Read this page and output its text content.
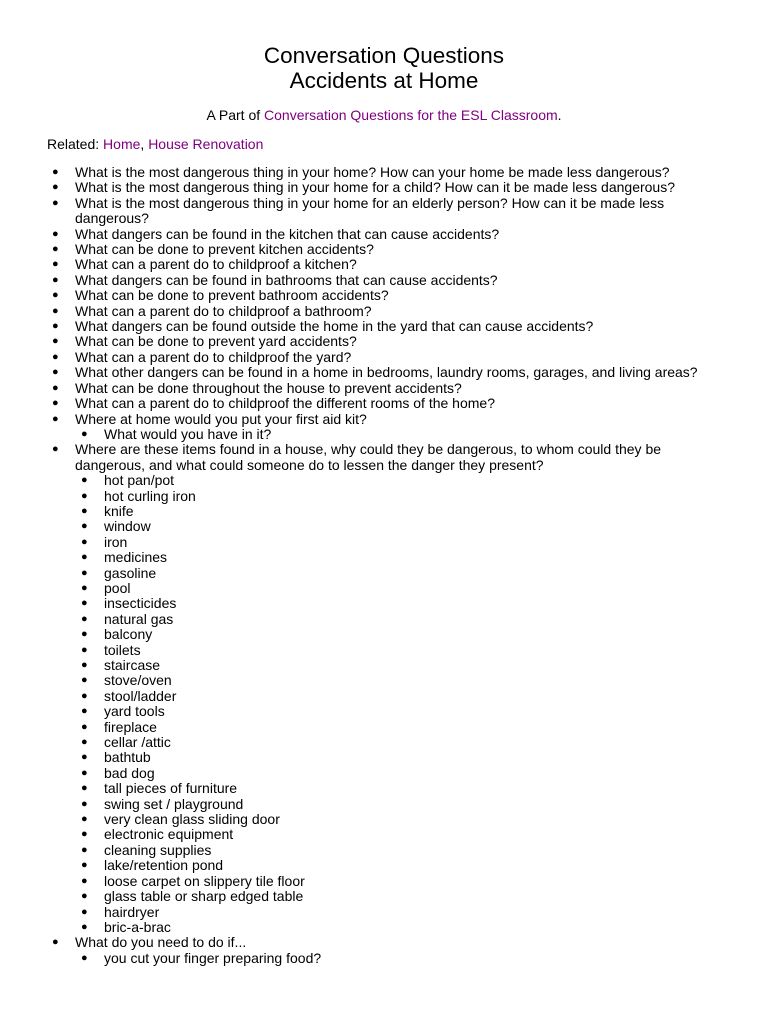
Conversation Questions
Accidents at Home
A Part of Conversation Questions for the ESL Classroom.
Related: Home, House Renovation
● What is the most dangerous thing in your home? How can your home be made less dangerous?
● What is the most dangerous thing in your home for a child? How can it be made less dangerous?
● What is the most dangerous thing in your home for an elderly person? How can it be made less dangerous?
● What dangers can be found in the kitchen that can cause accidents?
● What can be done to prevent kitchen accidents?
● What can a parent do to childproof a kitchen?
● What dangers can be found in bathrooms that can cause accidents?
● What can be done to prevent bathroom accidents?
● What can a parent do to childproof a bathroom?
● What dangers can be found outside the home in the yard that can cause accidents?
● What can be done to prevent yard accidents?
● What can a parent do to childproof the yard?
● What other dangers can be found in a home in bedrooms, laundry rooms, garages, and living areas?
● What can be done throughout the house to prevent accidents?
● What can a parent do to childproof the different rooms of the home?
● Where at home would you put your first aid kit?
● What would you have in it?
● Where are these items found in a house, why could they be dangerous, to whom could they be dangerous, and what could someone do to lessen the danger they present?
● hot pan/pot
● hot curling iron
● knife
● window
● iron
● medicines
● gasoline
● pool
● insecticides
● natural gas
● balcony
● toilets
● staircase
● stove/oven
● stool/ladder
● yard tools
● fireplace
● cellar /attic
● bathtub
● bad dog
● tall pieces of furniture
● swing set / playground
● very clean glass sliding door
● electronic equipment
● cleaning supplies
● lake/retention pond
● loose carpet on slippery tile floor
● glass table or sharp edged table
● hairdryer
● bric-a-brac
● What do you need to do if...
● you cut your finger preparing food?
